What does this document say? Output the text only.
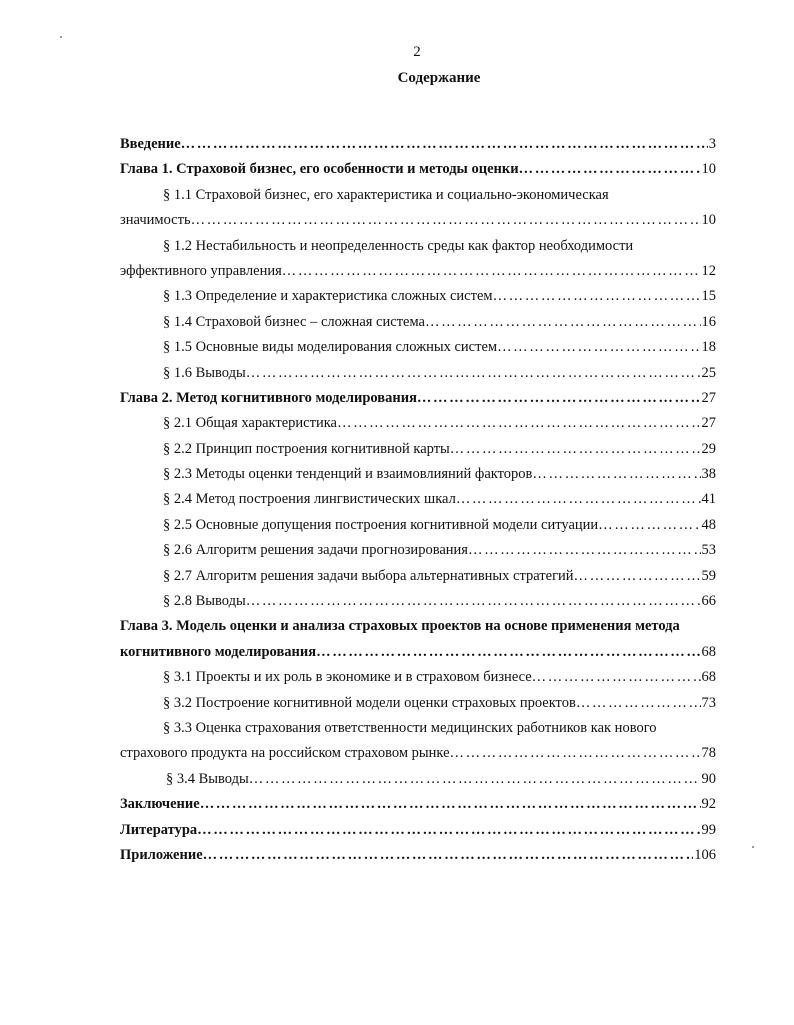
2
Содержание
Введение ………………………………………………………………………………………………………………………………………………………………………………	3
Глава 1. Страховой бизнес, его особенности и методы оценки ………………………………………………………………………………………………………………………………………………………………………………	10
§ 1.1 Страховой бизнес, его характеристика и социально-экономическая
значимость ………………………………………………………………………………………………………………………………………………………………………………	10
§ 1.2 Нестабильность и неопределенность среды как фактор необходимости
эффективного управления ………………………………………………………………………………………………………………………………………………………………………………	12
§ 1.3 Определение и характеристика сложных систем ………………………………………………………………………………………………………………………………………………………………………………	15
§ 1.4 Страховой бизнес – сложная система ………………………………………………………………………………………………………………………………………………………………………………	16
§ 1.5 Основные виды моделирования сложных систем ………………………………………………………………………………………………………………………………………………………………………………	18
§ 1.6 Выводы ………………………………………………………………………………………………………………………………………………………………………………	25
Глава 2. Метод когнитивного моделирования ………………………………………………………………………………………………………………………………………………………………………………	27
§ 2.1 Общая характеристика ………………………………………………………………………………………………………………………………………………………………………………	27
§ 2.2 Принцип построения когнитивной карты ………………………………………………………………………………………………………………………………………………………………………………	29
§ 2.3 Методы оценки тенденций и взаимовлияний факторов ………………………………………………………………………………………………………………………………………………………………………………	38
§ 2.4 Метод построения лингвистических шкал ………………………………………………………………………………………………………………………………………………………………………………	41
§ 2.5 Основные допущения построения когнитивной модели ситуации ………………………………………………………………………………………………………………………………………………………………………………	48
§ 2.6 Алгоритм решения задачи прогнозирования ………………………………………………………………………………………………………………………………………………………………………………	53
§ 2.7 Алгоритм решения задачи выбора альтернативных стратегий ………………………………………………………………………………………………………………………………………………………………………………	59
§ 2.8 Выводы ………………………………………………………………………………………………………………………………………………………………………………	66
Глава 3. Модель оценки и анализа страховых проектов на основе применения метода
когнитивного моделирования ………………………………………………………………………………………………………………………………………………………………………………	68
§ 3.1 Проекты и их роль в экономике и в страховом бизнесе ………………………………………………………………………………………………………………………………………………………………………………	68
§ 3.2 Построение когнитивной модели оценки страховых проектов ………………………………………………………………………………………………………………………………………………………………………………	73
§ 3.3 Оценка страхования ответственности медицинских работников как нового
страхового продукта на российском страховом рынке ………………………………………………………………………………………………………………………………………………………………………………	78
§ 3.4 Выводы ………………………………………………………………………………………………………………………………………………………………………………	90
Заключение ………………………………………………………………………………………………………………………………………………………………………………	92
Литература ………………………………………………………………………………………………………………………………………………………………………………	99
Приложение ………………………………………………………………………………………………………………………………………………………………………………	106
